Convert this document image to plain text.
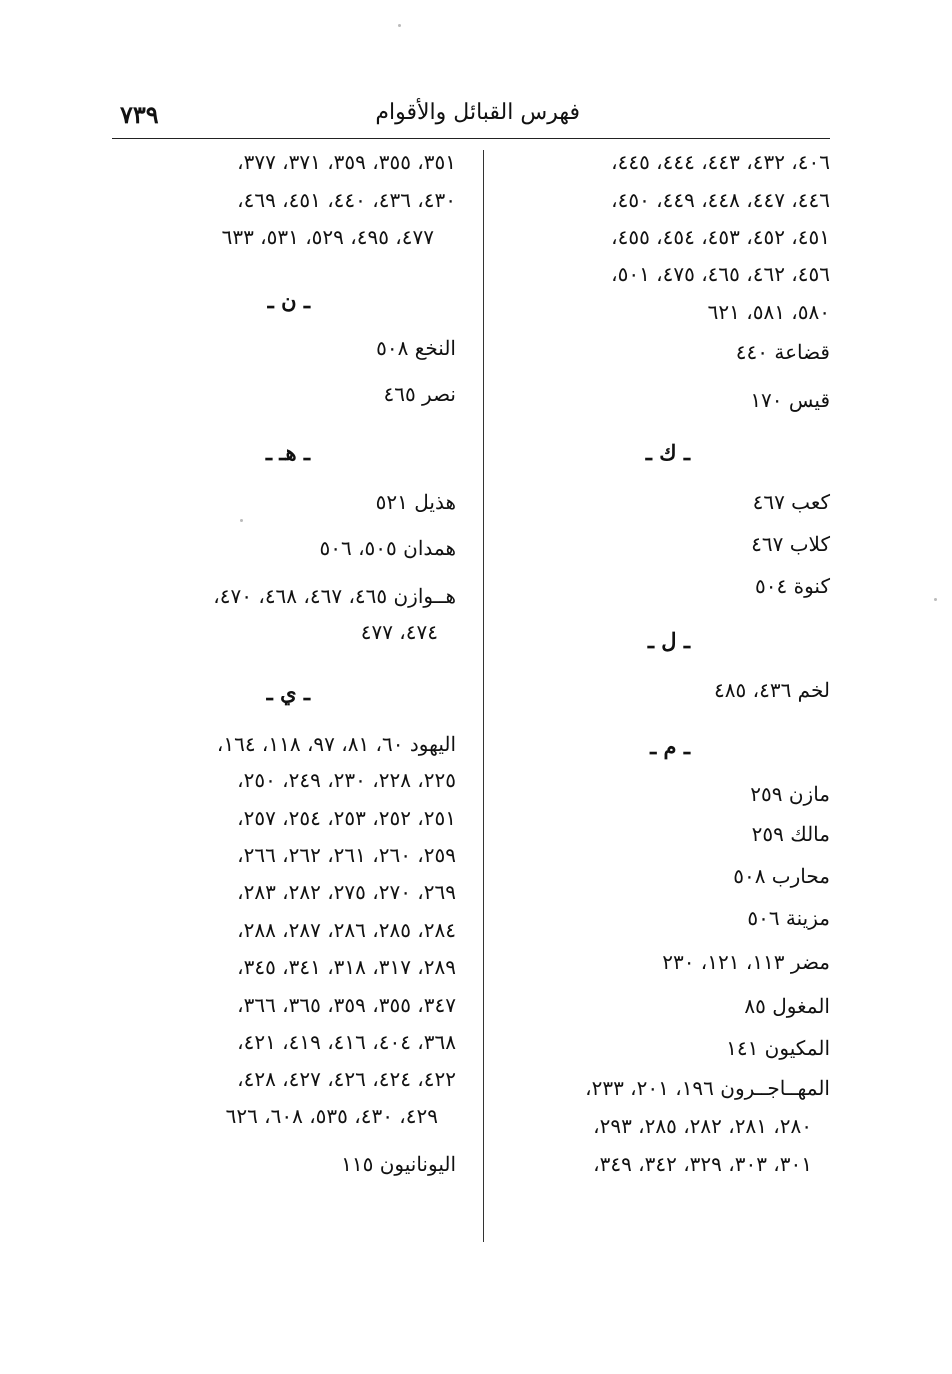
٧٣٩	فهرس القبائل والأقوام
٤٠٦، ٤٣٢، ٤٤٣، ٤٤٤، ٤٤٥،
٤٤٦، ٤٤٧، ٤٤٨، ٤٤٩، ٤٥٠،
٤٥١، ٤٥٢، ٤٥٣، ٤٥٤، ٤٥٥،
٤٥٦، ٤٦٢، ٤٦٥، ٤٧٥، ٥٠١،
٥٨٠، ٥٨١، ٦٢١
قضاعة ٤٤٠
قيس ١٧٠
ـ ك ـ
كعب ٤٦٧
كلاب ٤٦٧
كنوة ٥٠٤
ـ ل ـ
لخم ٤٣٦، ٤٨٥
ـ م ـ
مازن ٢٥٩
مالك ٢٥٩
محارب ٥٠٨
مزينة ٥٠٦
مضر ١١٣، ١٢١، ٢٣٠
المغول ٨٥
المكيون ١٤١
المهــاجــرون ١٩٦، ٢٠١، ٢٣٣،
٢٨٠، ٢٨١، ٢٨٢، ٢٨٥، ٢٩٣،
٣٠١، ٣٠٣، ٣٢٩، ٣٤٢، ٣٤٩،
٣٥١، ٣٥٥، ٣٥٩، ٣٧١، ٣٧٧،
٤٣٠، ٤٣٦، ٤٤٠، ٤٥١، ٤٦٩،
٤٧٧، ٤٩٥، ٥٢٩، ٥٣١، ٦٣٣
ـ ن ـ
النخع ٥٠٨
نصر ٤٦٥
ـ هـ ـ
هذيل ٥٢١
همدان ٥٠٥، ٥٠٦
هــوازن ٤٦٥، ٤٦٧، ٤٦٨، ٤٧٠،
٤٧٤، ٤٧٧
ـ ي ـ
اليهود ٦٠، ٨١، ٩٧، ١١٨، ١٦٤،
٢٢٥، ٢٢٨، ٢٣٠، ٢٤٩، ٢٥٠،
٢٥١، ٢٥٢، ٢٥٣، ٢٥٤، ٢٥٧،
٢٥٩، ٢٦٠، ٢٦١، ٢٦٢، ٢٦٦،
٢٦٩، ٢٧٠، ٢٧٥، ٢٨٢، ٢٨٣،
٢٨٤، ٢٨٥، ٢٨٦، ٢٨٧، ٢٨٨،
٢٨٩، ٣١٧، ٣١٨، ٣٤١، ٣٤٥،
٣٤٧، ٣٥٥، ٣٥٩، ٣٦٥، ٣٦٦،
٣٦٨، ٤٠٤، ٤١٦، ٤١٩، ٤٢١،
٤٢٢، ٤٢٤، ٤٢٦، ٤٢٧، ٤٢٨،
٤٢٩، ٤٣٠، ٥٣٥، ٦٠٨، ٦٢٦
اليونانيون ١١٥
